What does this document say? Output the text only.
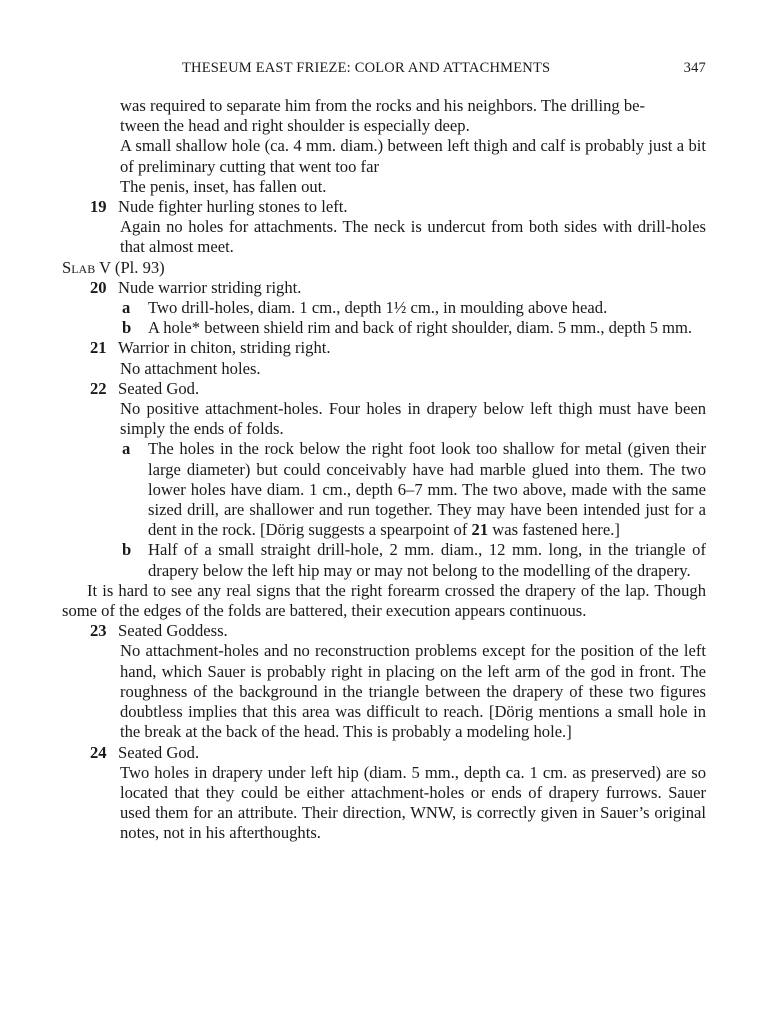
THESEUM EAST FRIEZE: COLOR AND ATTACHMENTS	347

was required to separate him from the rocks and his neighbors. The drilling be-
tween the head and right shoulder is especially deep.

A small shallow hole (ca. 4 mm. diam.) between left thigh and calf is probably just a bit of preliminary cutting that went too far

The penis, inset, has fallen out.

19 Nude fighter hurling stones to left.

Again no holes for attachments. The neck is undercut from both sides with drill-holes that almost meet.

Slab V (Pl. 93)

20 Nude warrior striding right.

a Two drill-holes, diam. 1 cm., depth 1½ cm., in moulding above head.

b A hole* between shield rim and back of right shoulder, diam. 5 mm., depth 5 mm.

21 Warrior in chiton, striding right.

No attachment holes.

22 Seated God.

No positive attachment-holes. Four holes in drapery below left thigh must have been simply the ends of folds.

a The holes in the rock below the right foot look too shallow for metal (given their large diameter) but could conceivably have had marble glued into them. The two lower holes have diam. 1 cm., depth 6–7 mm. The two above, made with the same sized drill, are shallower and run together. They may have been intended just for a dent in the rock. [Dörig suggests a spearpoint of 21 was fastened here.]

b Half of a small straight drill-hole, 2 mm. diam., 12 mm. long, in the triangle of drapery below the left hip may or may not belong to the modelling of the drapery.

It is hard to see any real signs that the right forearm crossed the drapery of the lap. Though some of the edges of the folds are battered, their execution appears continuous.

23 Seated Goddess.

No attachment-holes and no reconstruction problems except for the position of the left hand, which Sauer is probably right in placing on the left arm of the god in front. The roughness of the background in the triangle between the drapery of these two figures doubtless implies that this area was difficult to reach. [Dörig mentions a small hole in the break at the back of the head. This is probably a modeling hole.]

24 Seated God.

Two holes in drapery under left hip (diam. 5 mm., depth ca. 1 cm. as preserved) are so located that they could be either attachment-holes or ends of drapery furrows. Sauer used them for an attribute. Their direction, WNW, is correctly given in Sauer’s original notes, not in his afterthoughts.
